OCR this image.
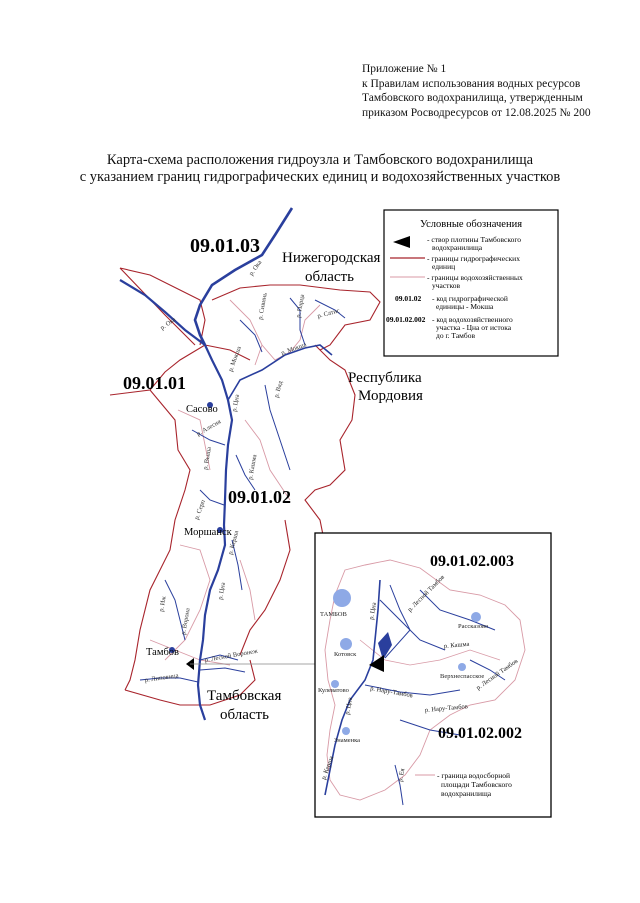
Приложение № 1
к Правилам использования водных ресурсов
Тамбовского водохранилища, утвержденным
приказом Росводресурсов от 12.08.2025 № 200
Карта-схема расположения гидроузла и Тамбовского водохранилища
с указанием границ гидрографических единиц и водохозяйственных участков
09.01.03
09.01.01
09.01.02
Нижегородская
область
Республика
Мордовия
Тамбовская
область
Сасово
Моршанск
Тамбов
р. Ока
р. Ока
р. Мокша	р. Мокша
р. Сатис
р. Вад
р. Цна
р. Алесня
р. Выша	р. Кашма
р. Парца
р. Сивинь
р. Серп
р. Керша
р. Цна
р. Иж
р. Ворона
р. Лесной Воронеж
р. Липовица
Условные обозначения
- створ плотины Тамбовского
водохранилища
- границы гидрографических
единиц
- границы водохозяйственных
участков
09.01.02 - код гидрографической
единицы - Мокша
09.01.02.002 - код водохозяйственного
участка - Цна от истока
до г. Тамбов
09.01.02.003
09.01.02.002
ТАМБОВ
Котовск
Рассказово
Верхнеспасское
Кулеватово
Знаменка
р. Цна	р. Лесной Тамбов
р. Лесной Тамбов
р. Кашма
р. Нару-Тамбов
р. Нару-Тамбов
р. Цна
р. Керша	р. Ея	- граница водосборной
площади Тамбовского
водохранилища
